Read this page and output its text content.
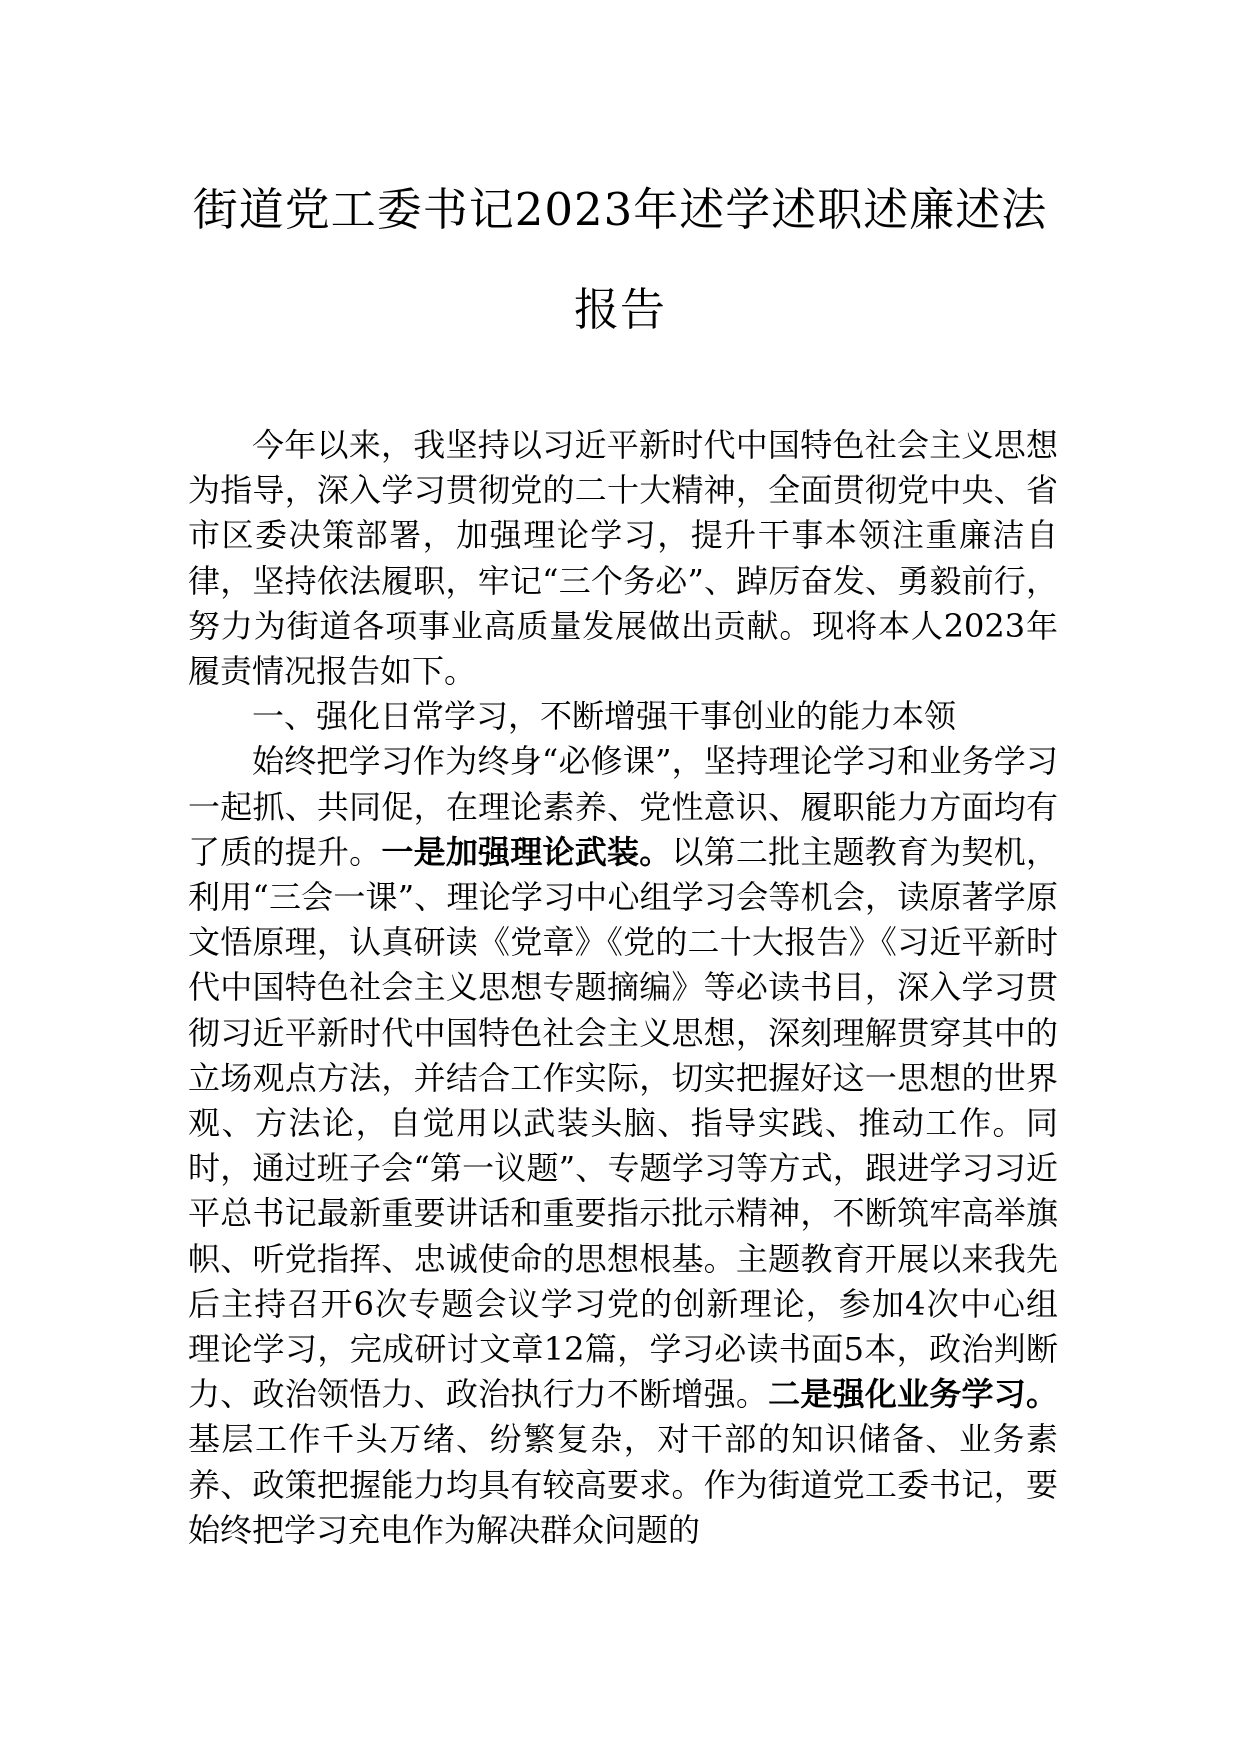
街道党工委书记2023年述学述职述廉述法
报告

今年以来，我坚持以习近平新时代中国特色社会主义思想为指导，深入学习贯彻党的二十大精神，全面贯彻党中央、省市区委决策部署，加强理论学习，提升干事本领注重廉洁自律，坚持依法履职，牢记“三个务必”、踔厉奋发、勇毅前行，努力为街道各项事业高质量发展做出贡献。现将本人2023年履责情况报告如下。

一、强化日常学习，不断增强干事创业的能力本领

始终把学习作为终身“必修课”，坚持理论学习和业务学习一起抓、共同促，在理论素养、党性意识、履职能力方面均有了质的提升。一是加强理论武装。以第二批主题教育为契机，利用“三会一课”、理论学习中心组学习会等机会，读原著学原文悟原理，认真研读《党章》《党的二十大报告》《习近平新时代中国特色社会主义思想专题摘编》等必读书目，深入学习贯彻习近平新时代中国特色社会主义思想，深刻理解贯穿其中的立场观点方法，并结合工作实际，切实把握好这一思想的世界观、方法论，自觉用以武装头脑、指导实践、推动工作。同时，通过班子会“第一议题”、专题学习等方式，跟进学习习近平总书记最新重要讲话和重要指示批示精神，不断筑牢高举旗帜、听党指挥、忠诚使命的思想根基。主题教育开展以来我先后主持召开6次专题会议学习党的创新理论，参加4次中心组理论学习，完成研讨文章12篇，学习必读书面5本，政治判断力、政治领悟力、政治执行力不断增强。二是强化业务学习。基层工作千头万绪、纷繁复杂，对干部的知识储备、业务素养、政策把握能力均具有较高要求。作为街道党工委书记，要始终把学习充电作为解决群众问题的
